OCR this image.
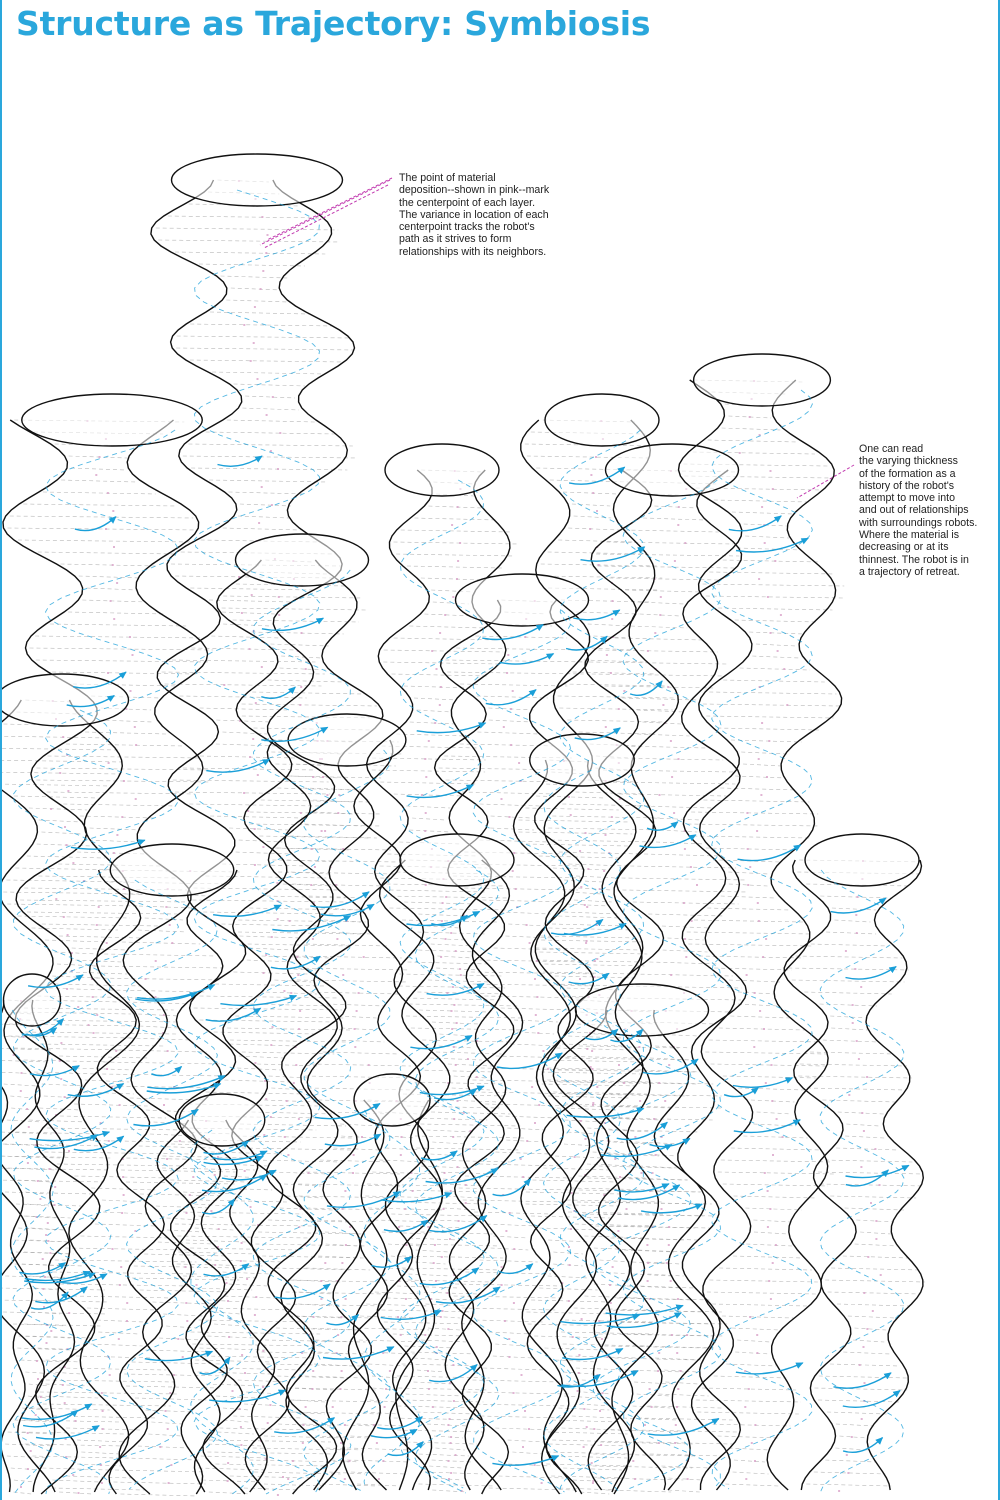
Structure as Trajectory: Symbiosis

The point of material
deposition--shown in pink--mark
the centerpoint of each layer.
The variance in location of each
centerpoint tracks the robot's
path as it strives to form
relationships with its neighbors.

One can read
the varying thickness
of the formation as a
history of the robot's
attempt to move into
and out of relationships
with surroundings robots.
Where the material is
decreasing or at its
thinnest. The robot is in
a trajectory of retreat.
